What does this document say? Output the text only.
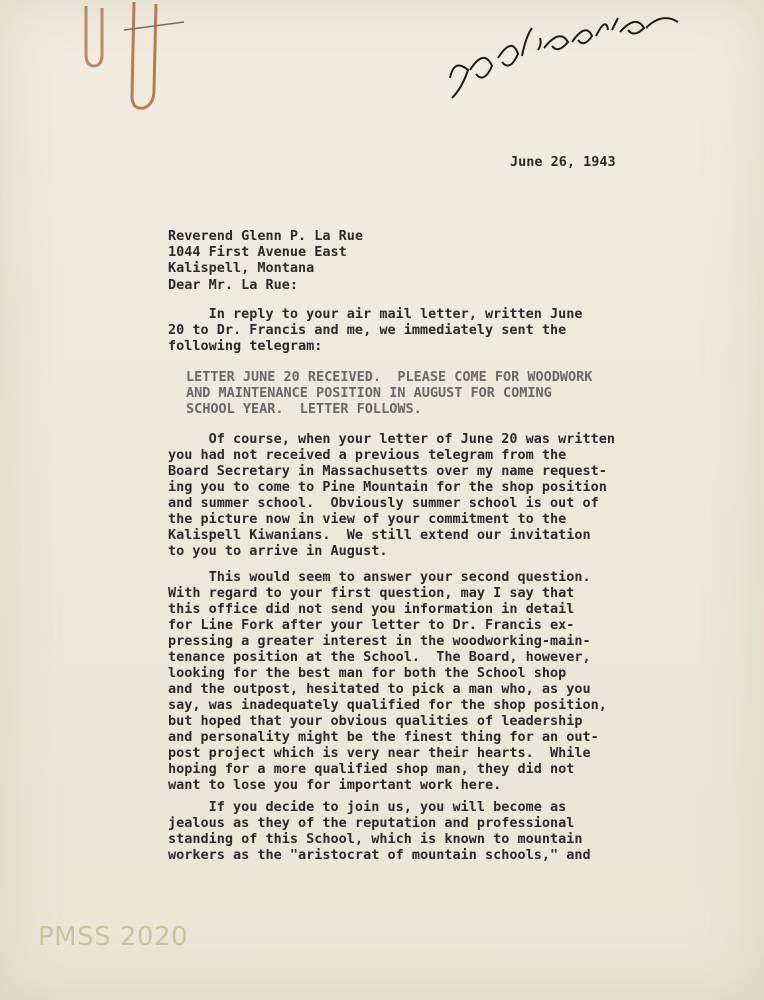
June 26, 1943
Reverend Glenn P. La Rue
1044 First Avenue East
Kalispell, Montana
Dear Mr. La Rue:
In reply to your air mail letter, written June
20 to Dr. Francis and me, we immediately sent the
following telegram:
LETTER JUNE 20 RECEIVED.  PLEASE COME FOR WOODWORK
AND MAINTENANCE POSITION IN AUGUST FOR COMING
SCHOOL YEAR.  LETTER FOLLOWS.
Of course, when your letter of June 20 was written
you had not received a previous telegram from the
Board Secretary in Massachusetts over my name request-
ing you to come to Pine Mountain for the shop position
and summer school.  Obviously summer school is out of
the picture now in view of your commitment to the
Kalispell Kiwanians.  We still extend our invitation
to you to arrive in August.
This would seem to answer your second question.
With regard to your first question, may I say that
this office did not send you information in detail
for Line Fork after your letter to Dr. Francis ex-
pressing a greater interest in the woodworking-main-
tenance position at the School.  The Board, however,
looking for the best man for both the School shop
and the outpost, hesitated to pick a man who, as you
say, was inadequately qualified for the shop position,
but hoped that your obvious qualities of leadership
and personality might be the finest thing for an out-
post project which is very near their hearts.  While
hoping for a more qualified shop man, they did not
want to lose you for important work here.
If you decide to join us, you will become as
jealous as they of the reputation and professional
standing of this School, which is known to mountain
workers as the "aristocrat of mountain schools," and
PMSS 2020
